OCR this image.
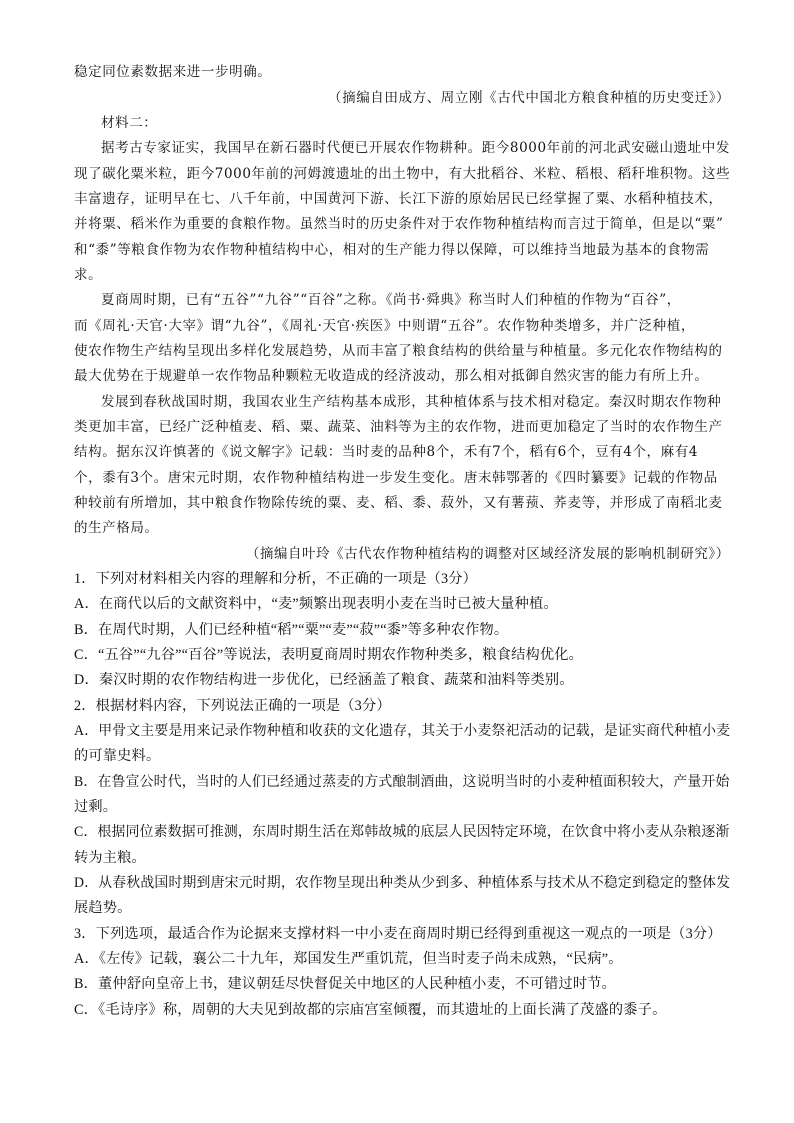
稳定同位素数据来进一步明确。
（摘编自田成方、周立刚《古代中国北方粮食种植的历史变迁》）
材料二：
据考古专家证实，我国早在新石器时代便已开展农作物耕种。距今8000年前的河北武安磁山遗址中发
现了碳化粟米粒，距今7000年前的河姆渡遗址的出土物中，有大批稻谷、米粒、稻根、稻秆堆积物。这些
丰富遗存，证明早在七、八千年前，中国黄河下游、长江下游的原始居民已经掌握了粟、水稻种植技术，
并将粟、稻米作为重要的食粮作物。虽然当时的历史条件对于农作物种植结构而言过于简单，但是以“粟”
和“黍”等粮食作物为农作物种植结构中心，相对的生产能力得以保障，可以维持当地最为基本的食物需
求。
夏商周时期，已有“五谷”“九谷”“百谷”之称。《尚书·舜典》称当时人们种植的作物为“百谷”，
而《周礼·天官·大宰》谓“九谷”，《周礼·天官·疾医》中则谓“五谷”。农作物种类增多，并广泛种植，
使农作物生产结构呈现出多样化发展趋势，从而丰富了粮食结构的供给量与种植量。多元化农作物结构的
最大优势在于规避单一农作物品种颗粒无收造成的经济波动，那么相对抵御自然灾害的能力有所上升。
发展到春秋战国时期，我国农业生产结构基本成形，其种植体系与技术相对稳定。秦汉时期农作物种
类更加丰富，已经广泛种植麦、稻、粟、蔬菜、油料等为主的农作物，进而更加稳定了当时的农作物生产
结构。据东汉许慎著的《说文解字》记载：当时麦的品种8个，禾有7个，稻有6个，豆有4个，麻有4
个，黍有3个。唐宋元时期，农作物种植结构进一步发生变化。唐末韩鄂著的《四时纂要》记载的作物品
种较前有所增加，其中粮食作物除传统的粟、麦、稻、黍、菽外，又有薯蓣、荞麦等，并形成了南稻北麦
的生产格局。
（摘编自叶玲《古代农作物种植结构的调整对区域经济发展的影响机制研究》）
1．下列对材料相关内容的理解和分析，不正确的一项是（3分）
A．在商代以后的文献资料中，“麦”频繁出现表明小麦在当时已被大量种植。
B．在周代时期，人们已经种植“稻”“粟”“麦”“菽”“黍”等多种农作物。
C．“五谷”“九谷”“百谷”等说法，表明夏商周时期农作物种类多，粮食结构优化。
D．秦汉时期的农作物结构进一步优化，已经涵盖了粮食、蔬菜和油料等类别。
2．根据材料内容，下列说法正确的一项是（3分）
A．甲骨文主要是用来记录作物种植和收获的文化遗存，其关于小麦祭祀活动的记载，是证实商代种植小麦
的可靠史料。
B．在鲁宣公时代，当时的人们已经通过蒸麦的方式酿制酒曲，这说明当时的小麦种植面积较大，产量开始
过剩。
C．根据同位素数据可推测，东周时期生活在郑韩故城的底层人民因特定环境，在饮食中将小麦从杂粮逐渐
转为主粮。
D．从春秋战国时期到唐宋元时期，农作物呈现出种类从少到多、种植体系与技术从不稳定到稳定的整体发
展趋势。
3．下列选项，最适合作为论据来支撑材料一中小麦在商周时期已经得到重视这一观点的一项是（3分）
A．《左传》记载，襄公二十九年，郑国发生严重饥荒，但当时麦子尚未成熟，“民病”。
B．董仲舒向皇帝上书，建议朝廷尽快督促关中地区的人民种植小麦，不可错过时节。
C．《毛诗序》称，周朝的大夫见到故都的宗庙宫室倾覆，而其遗址的上面长满了茂盛的黍子。
